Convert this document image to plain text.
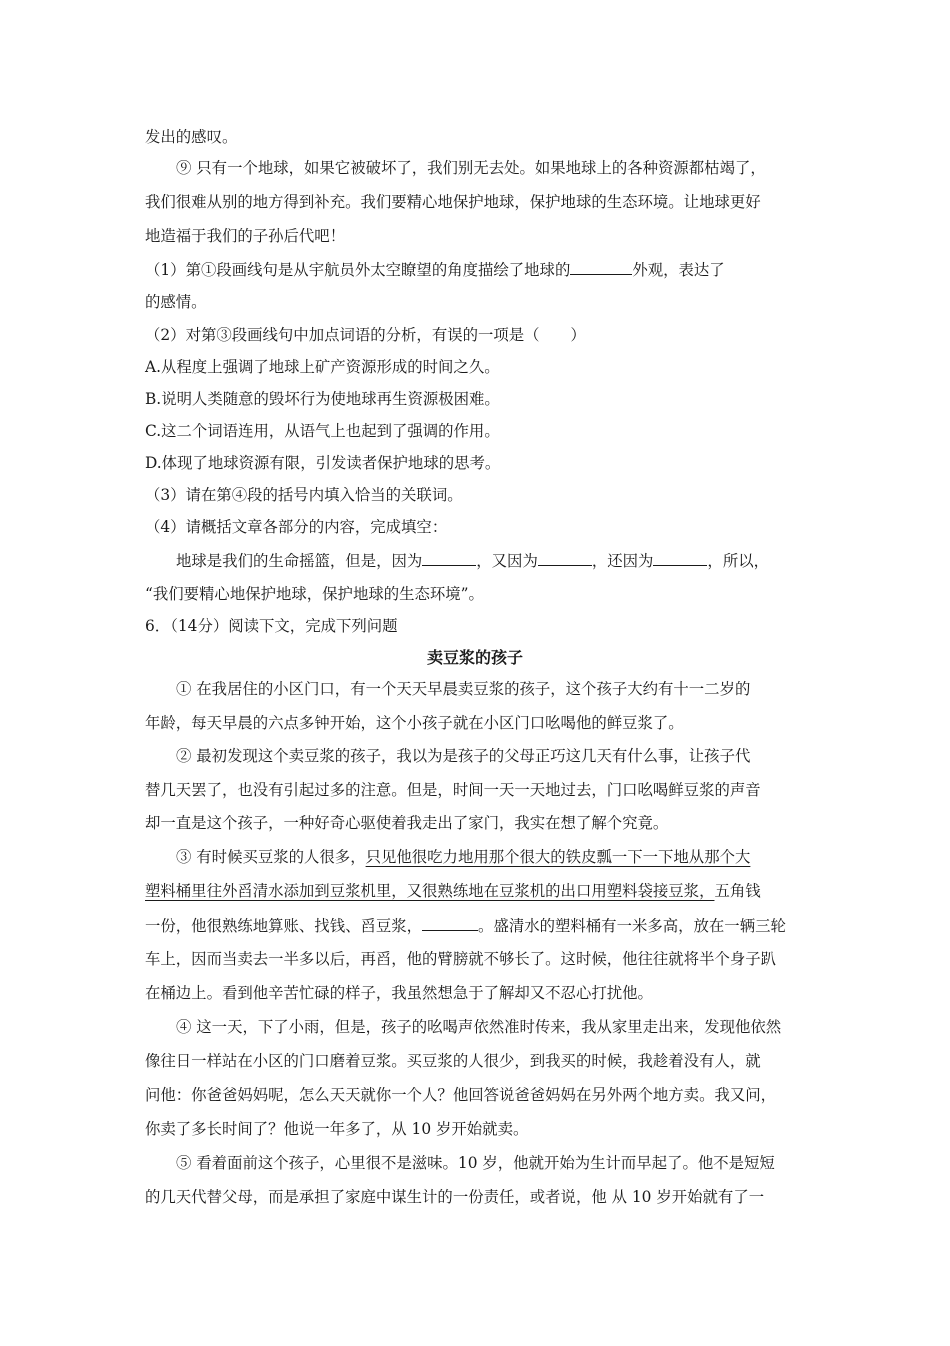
发出的感叹。
⑨ 只有一个地球，如果它被破坏了，我们别无去处。如果地球上的各种资源都枯竭了，
我们很难从别的地方得到补充。我们要精心地保护地球，保护地球的生态环境。让地球更好
地造福于我们的子孙后代吧！
（1）第①段画线句是从宇航员外太空瞭望的角度描绘了地球的	外观，表达了
的感情。
（2）对第③段画线句中加点词语的分析，有误的一项是（　　）
A.从程度上强调了地球上矿产资源形成的时间之久。
B.说明人类随意的毁坏行为使地球再生资源极困难。
C.这二个词语连用，从语气上也起到了强调的作用。
D.体现了地球资源有限，引发读者保护地球的思考。
（3）请在第④段的括号内填入恰当的关联词。
（4）请概括文章各部分的内容，完成填空：
地球是我们的生命摇篮，但是，因为	，又因为	，还因为	，所以，
“我们要精心地保护地球，保护地球的生态环境”。
6．（14分）阅读下文，完成下列问题
卖豆浆的孩子
① 在我居住的小区门口，有一个天天早晨卖豆浆的孩子，这个孩子大约有十一二岁的
年龄，每天早晨的六点多钟开始，这个小孩子就在小区门口吆喝他的鲜豆浆了。
② 最初发现这个卖豆浆的孩子，我以为是孩子的父母正巧这几天有什么事，让孩子代
替几天罢了，也没有引起过多的注意。但是，时间一天一天地过去，门口吆喝鲜豆浆的声音
却一直是这个孩子，一种好奇心驱使着我走出了家门，我实在想了解个究竟。
③ 有时候买豆浆的人很多，只见他很吃力地用那个很大的铁皮瓢一下一下地从那个大
塑料桶里往外舀清水添加到豆浆机里，又很熟练地在豆浆机的出口用塑料袋接豆浆，五角钱
一份，他很熟练地算账、找钱、舀豆浆，	。盛清水的塑料桶有一米多高，放在一辆三轮
车上，因而当卖去一半多以后，再舀，他的臂膀就不够长了。这时候，他往往就将半个身子趴
在桶边上。看到他辛苦忙碌的样子，我虽然想急于了解却又不忍心打扰他。
④ 这一天，下了小雨，但是，孩子的吆喝声依然准时传来，我从家里走出来，发现他依然
像往日一样站在小区的门口磨着豆浆。买豆浆的人很少，到我买的时候，我趁着没有人，就
问他：你爸爸妈妈呢，怎么天天就你一个人？他回答说爸爸妈妈在另外两个地方卖。我又问，
你卖了多长时间了？他说一年多了，从 10 岁开始就卖。
⑤ 看着面前这个孩子，心里很不是滋味。10 岁，他就开始为生计而早起了。他不是短短
的几天代替父母，而是承担了家庭中谋生计的一份责任，或者说，他 从 10 岁开始就有了一
